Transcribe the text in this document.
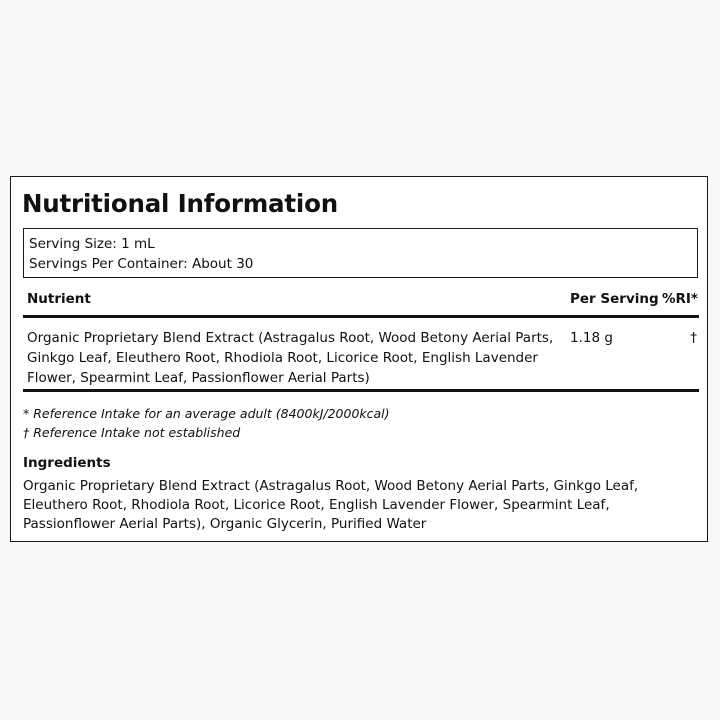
Nutritional Information
Serving Size: 1 mL
Servings Per Container: About 30
Nutrient	Per Serving %RI*
Organic Proprietary Blend Extract (Astragalus Root, Wood Betony Aerial Parts, Ginkgo Leaf, Eleuthero Root, Rhodiola Root, Licorice Root, English Lavender Flower, Spearmint Leaf, Passionflower Aerial Parts)
1.18 g	†
* Reference Intake for an average adult (8400kJ/2000kcal)
† Reference Intake not established
Ingredients
Organic Proprietary Blend Extract (Astragalus Root, Wood Betony Aerial Parts, Ginkgo Leaf, Eleuthero Root, Rhodiola Root, Licorice Root, English Lavender Flower, Spearmint Leaf, Passionflower Aerial Parts), Organic Glycerin, Purified Water
